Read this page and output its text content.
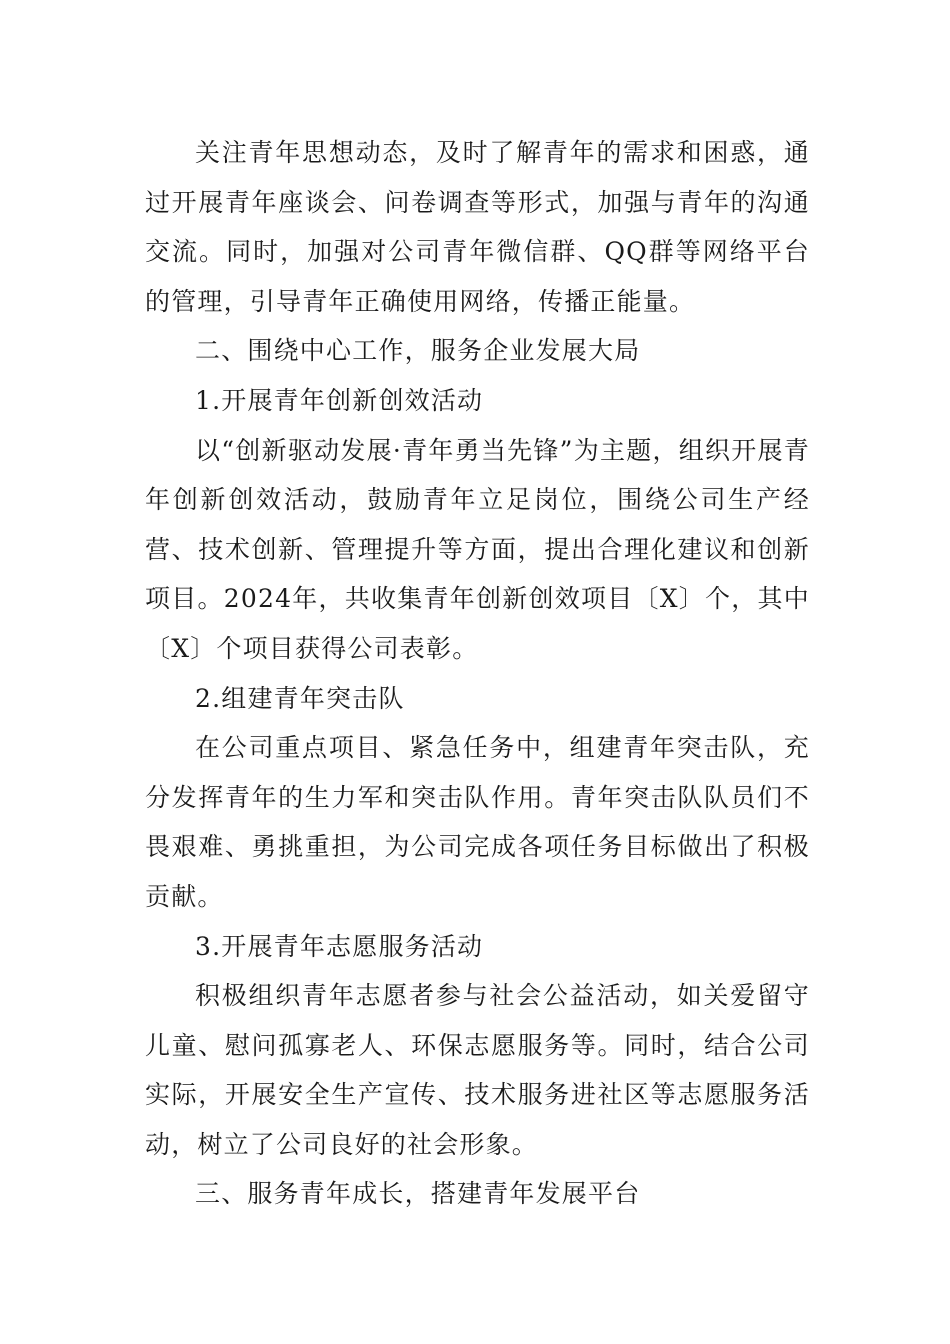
关注青年思想动态，及时了解青年的需求和困惑，通过开展青年座谈会、问卷调查等形式，加强与青年的沟通交流。同时，加强对公司青年微信群、QQ群等网络平台的管理，引导青年正确使用网络，传播正能量。

二、围绕中心工作，服务企业发展大局

1.开展青年创新创效活动

以“创新驱动发展·青年勇当先锋”为主题，组织开展青年创新创效活动，鼓励青年立足岗位，围绕公司生产经营、技术创新、管理提升等方面，提出合理化建议和创新项目。2024年，共收集青年创新创效项目〔X〕个，其中〔X〕个项目获得公司表彰。

2.组建青年突击队

在公司重点项目、紧急任务中，组建青年突击队，充分发挥青年的生力军和突击队作用。青年突击队队员们不畏艰难、勇挑重担，为公司完成各项任务目标做出了积极贡献。

3.开展青年志愿服务活动

积极组织青年志愿者参与社会公益活动，如关爱留守儿童、慰问孤寡老人、环保志愿服务等。同时，结合公司实际，开展安全生产宣传、技术服务进社区等志愿服务活动，树立了公司良好的社会形象。

三、服务青年成长，搭建青年发展平台
